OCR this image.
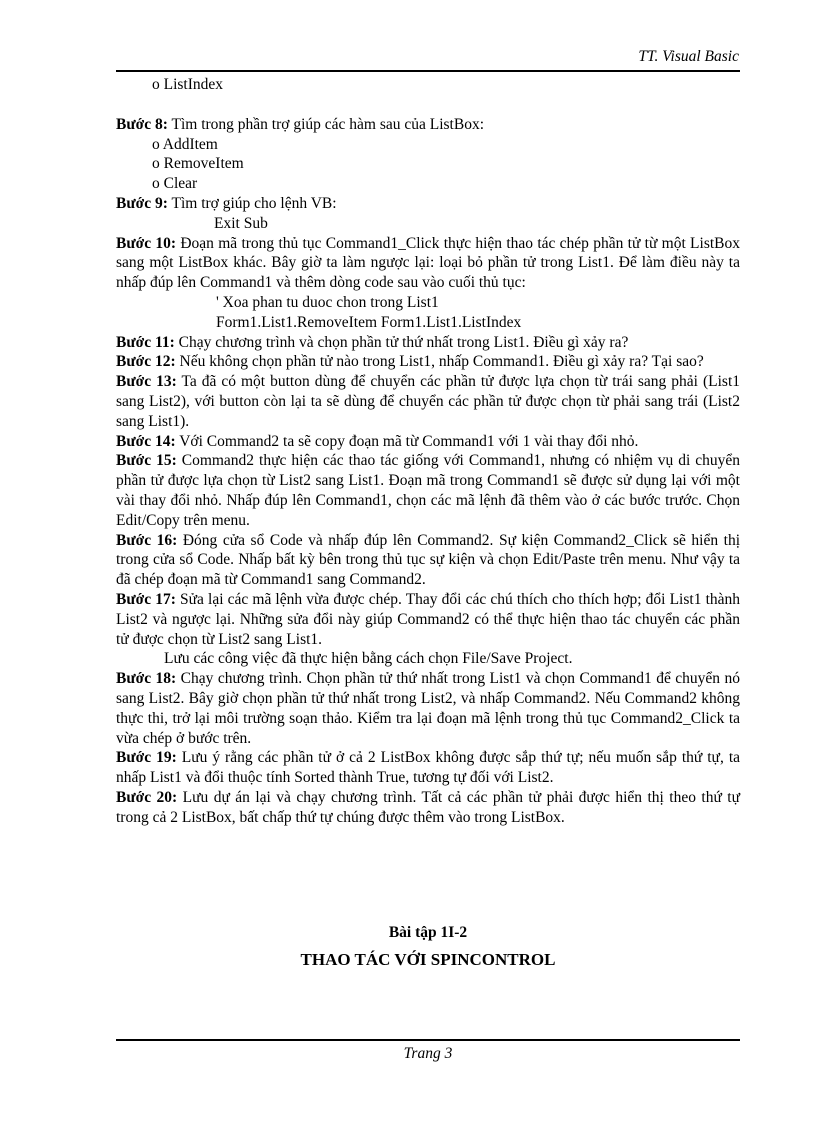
TT. Visual Basic
o ListIndex
Bước 8: Tìm trong phần trợ giúp các hàm sau của ListBox:
o AddItem
o RemoveItem
o Clear
Bước 9: Tìm trợ giúp cho lệnh VB:
Exit Sub
Bước 10: Đoạn mã trong thủ tục Command1_Click thực hiện thao tác chép phần tử từ một ListBox sang một ListBox khác. Bây giờ ta làm ngược lại: loại bỏ phần tử trong List1. Để làm điều này ta nhấp đúp lên Command1 và thêm dòng code sau vào cuối thủ tục:
' Xoa phan tu duoc chon trong List1
Form1.List1.RemoveItem Form1.List1.ListIndex
Bước 11: Chạy chương trình và chọn phần tử thứ nhất trong List1. Điều gì xảy ra?
Bước 12: Nếu không chọn phần tử nào trong List1, nhấp Command1. Điều gì xảy ra? Tại sao?
Bước 13: Ta đã có một button dùng để chuyển các phần tử được lựa chọn từ trái sang phải (List1 sang List2), với button còn lại ta sẽ dùng để chuyển các phần tử được chọn từ phải sang trái (List2 sang List1).
Bước 14: Với Command2 ta sẽ copy đoạn mã từ Command1 với 1 vài thay đổi nhỏ.
Bước 15: Command2 thực hiện các thao tác giống với Command1, nhưng có nhiệm vụ di chuyển phần tử được lựa chọn từ List2 sang List1. Đoạn mã trong Command1 sẽ được sử dụng lại với một vài thay đổi nhỏ. Nhấp đúp lên Command1, chọn các mã lệnh đã thêm vào ở các bước trước. Chọn Edit/Copy trên menu.
Bước 16: Đóng cửa sổ Code và nhấp đúp lên Command2. Sự kiện Command2_Click sẽ hiển thị trong cửa sổ Code. Nhấp bất kỳ bên trong thủ tục sự kiện và chọn Edit/Paste trên menu. Như vậy ta đã chép đoạn mã từ Command1 sang Command2.
Bước 17: Sửa lại các mã lệnh vừa được chép. Thay đổi các chú thích cho thích hợp; đổi List1 thành List2 và ngược lại. Những sửa đổi này giúp Command2 có thể thực hiện thao tác chuyển các phần tử được chọn từ List2 sang List1.
Lưu các công việc đã thực hiện bằng cách chọn File/Save Project.
Bước 18: Chạy chương trình. Chọn phần tử thứ nhất trong List1 và chọn Command1 để chuyển nó sang List2. Bây giờ chọn phần tử thứ nhất trong List2, và nhấp Command2. Nếu Command2 không thực thi, trở lại môi trường soạn thảo. Kiểm tra lại đoạn mã lệnh trong thủ tục Command2_Click ta vừa chép ở bước trên.
Bước 19: Lưu ý rằng các phần tử ở cả 2 ListBox không được sắp thứ tự; nếu muốn sắp thứ tự, ta nhấp List1 và đổi thuộc tính Sorted thành True, tương tự đối với List2.
Bước 20: Lưu dự án lại và chạy chương trình. Tất cả các phần tử phải được hiển thị theo thứ tự trong cả 2 ListBox, bất chấp thứ tự chúng được thêm vào trong ListBox.
Bài tập 1I-2
THAO TÁC VỚI SPINCONTROL
Trang 3
